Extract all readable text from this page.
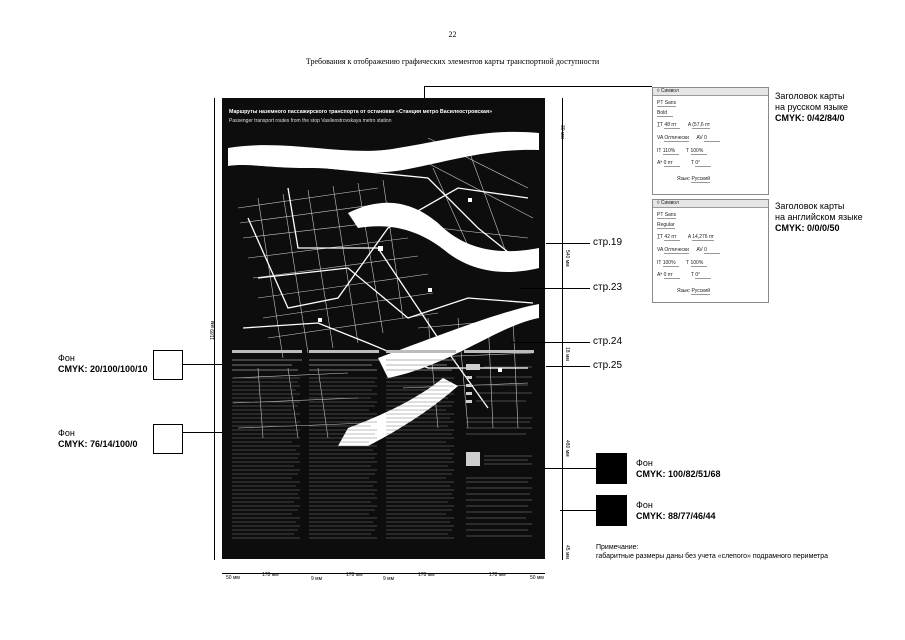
22
Требования к отображению графических элементов карты транспортной доступности
Маршруты наземного пассажирского транспорта от остановки «Станция метро Василеостровская»
Passenger transport routes from the stop Vasileostrovskaya metro station
30 мм
540 мм
18 мм
480 мм
45 мм
1189 мм
50 мм	178 мм
9 мм
178 мм
9 мм
178 мм	178 мм	50 мм
стр.19
стр.23
стр.24
стр.25
Фон
CMYK: 20/100/100/10
Фон
CMYK: 76/14/100/0
Фон
CMYK: 100/82/51/68
Фон
CMYK: 88/77/46/44
◊ Символ
PT Sans
Bold
T̲T 48 пт A (57,6 пт
VA Оптически AV 0
IT 110% T 100%
Aª 0 пт	T 0°
Язык: Русский
Заголовок карты
на русском языке
CMYK: 0/42/84/0
◊ Символ
PT Sans
Regular
T̲T 42 пт A 14,276 пт
VA Оптически AV 0
IT 100% T 100%
Aª 0 пт	T 0°
Язык: Русский
Заголовок карты
на английском языке
CMYK: 0/0/0/50
Примечание:
габаритные размеры даны без учета «слепого» подрамного периметра
